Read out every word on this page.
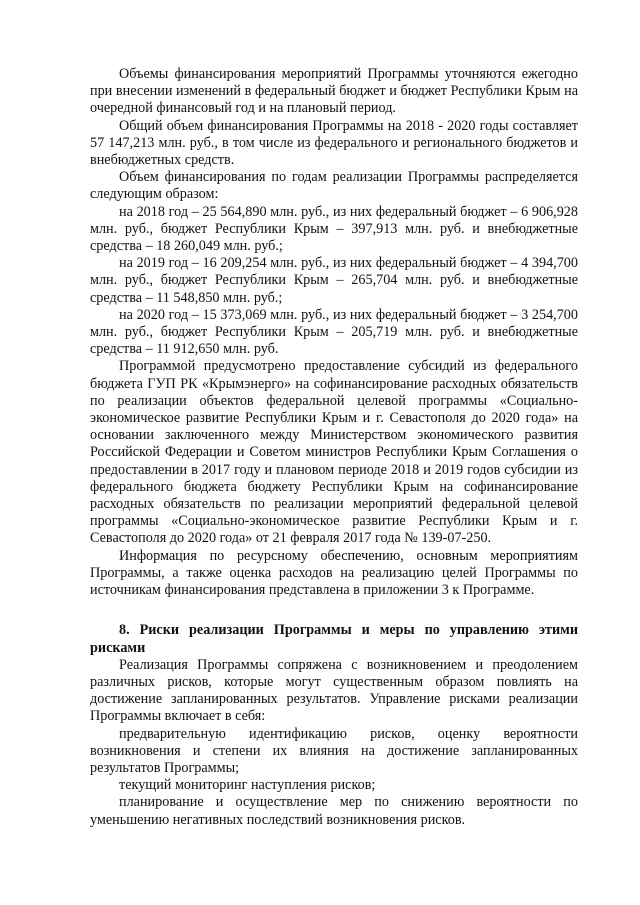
Объемы финансирования мероприятий Программы уточняются ежегодно при внесении изменений в федеральный бюджет и бюджет Республики Крым на очередной финансовый год и на плановый период.

Общий объем финансирования Программы на 2018 - 2020 годы составляет 57 147,213 млн. руб., в том числе из федерального и регионального бюджетов и внебюджетных средств.

Объем финансирования по годам реализации Программы распределяется следующим образом:

на 2018 год – 25 564,890 млн. руб., из них федеральный бюджет – 6 906,928 млн. руб., бюджет Республики Крым – 397,913 млн. руб. и внебюджетные средства – 18 260,049 млн. руб.;

на 2019 год – 16 209,254 млн. руб., из них федеральный бюджет – 4 394,700 млн. руб., бюджет Республики Крым – 265,704 млн. руб. и внебюджетные средства – 11 548,850 млн. руб.;

на 2020 год – 15 373,069 млн. руб., из них федеральный бюджет – 3 254,700 млн. руб., бюджет Республики Крым – 205,719 млн. руб. и внебюджетные средства – 11 912,650 млн. руб.

Программой предусмотрено предоставление субсидий из федерального бюджета ГУП РК «Крымэнерго» на софинансирование расходных обязательств по реализации объектов федеральной целевой программы «Социально-экономическое развитие Республики Крым и г. Севастополя до 2020 года» на основании заключенного между Министерством экономического развития Российской Федерации и Советом министров Республики Крым Соглашения о предоставлении в 2017 году и плановом периоде 2018 и 2019 годов субсидии из федерального бюджета бюджету Республики Крым на софинансирование расходных обязательств по реализации мероприятий федеральной целевой программы «Социально-экономическое развитие Республики Крым и г. Севастополя до 2020 года» от 21 февраля 2017 года № 139-07-250.

Информация по ресурсному обеспечению, основным мероприятиям Программы, а также оценка расходов на реализацию целей Программы по источникам финансирования представлена в приложении 3 к Программе.

8. Риски реализации Программы и меры по управлению этими рисками

Реализация Программы сопряжена с возникновением и преодолением различных рисков, которые могут существенным образом повлиять на достижение запланированных результатов. Управление рисками реализации Программы включает в себя:

предварительную идентификацию рисков, оценку вероятности возникновения и степени их влияния на достижение запланированных результатов Программы;

текущий мониторинг наступления рисков;

планирование и осуществление мер по снижению вероятности по уменьшению негативных последствий возникновения рисков.
